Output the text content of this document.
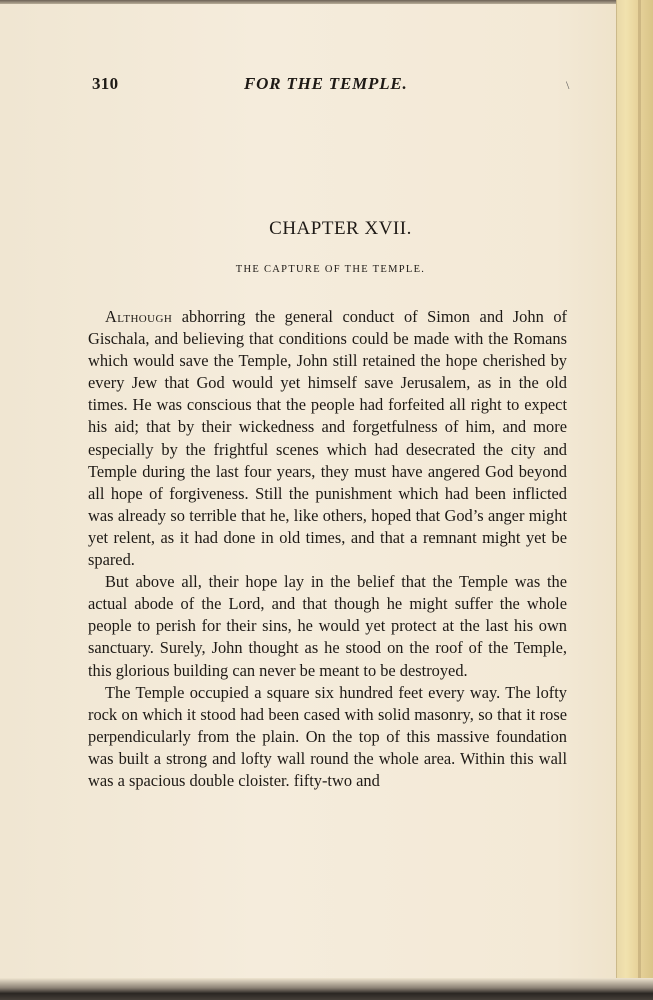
310	FOR THE TEMPLE.	\
CHAPTER XVII.
THE CAPTURE OF THE TEMPLE.

Although abhorring the general conduct of Simon and John of Gischala, and believing that conditions could be made with the Romans which would save the Temple, John still retained the hope cherished by every Jew that God would yet himself save Jerusalem, as in the old times. He was conscious that the people had forfeited all right to expect his aid; that by their wickedness and forgetfulness of him, and more especially by the frightful scenes which had desecrated the city and Temple during the last four years, they must have angered God beyond all hope of forgiveness. Still the punishment which had been inflicted was already so terrible that he, like others, hoped that God’s anger might yet relent, as it had done in old times, and that a remnant might yet be spared.

But above all, their hope lay in the belief that the Temple was the actual abode of the Lord, and that though he might suffer the whole people to perish for their sins, he would yet protect at the last his own sanctuary. Surely, John thought as he stood on the roof of the Temple, this glorious building can never be meant to be destroyed.

The Temple occupied a square six hundred feet every way. The lofty rock on which it stood had been cased with solid masonry, so that it rose perpendicularly from the plain. On the top of this massive foundation was built a strong and lofty wall round the whole area. Within this wall was a spacious double cloister. fifty-two and
